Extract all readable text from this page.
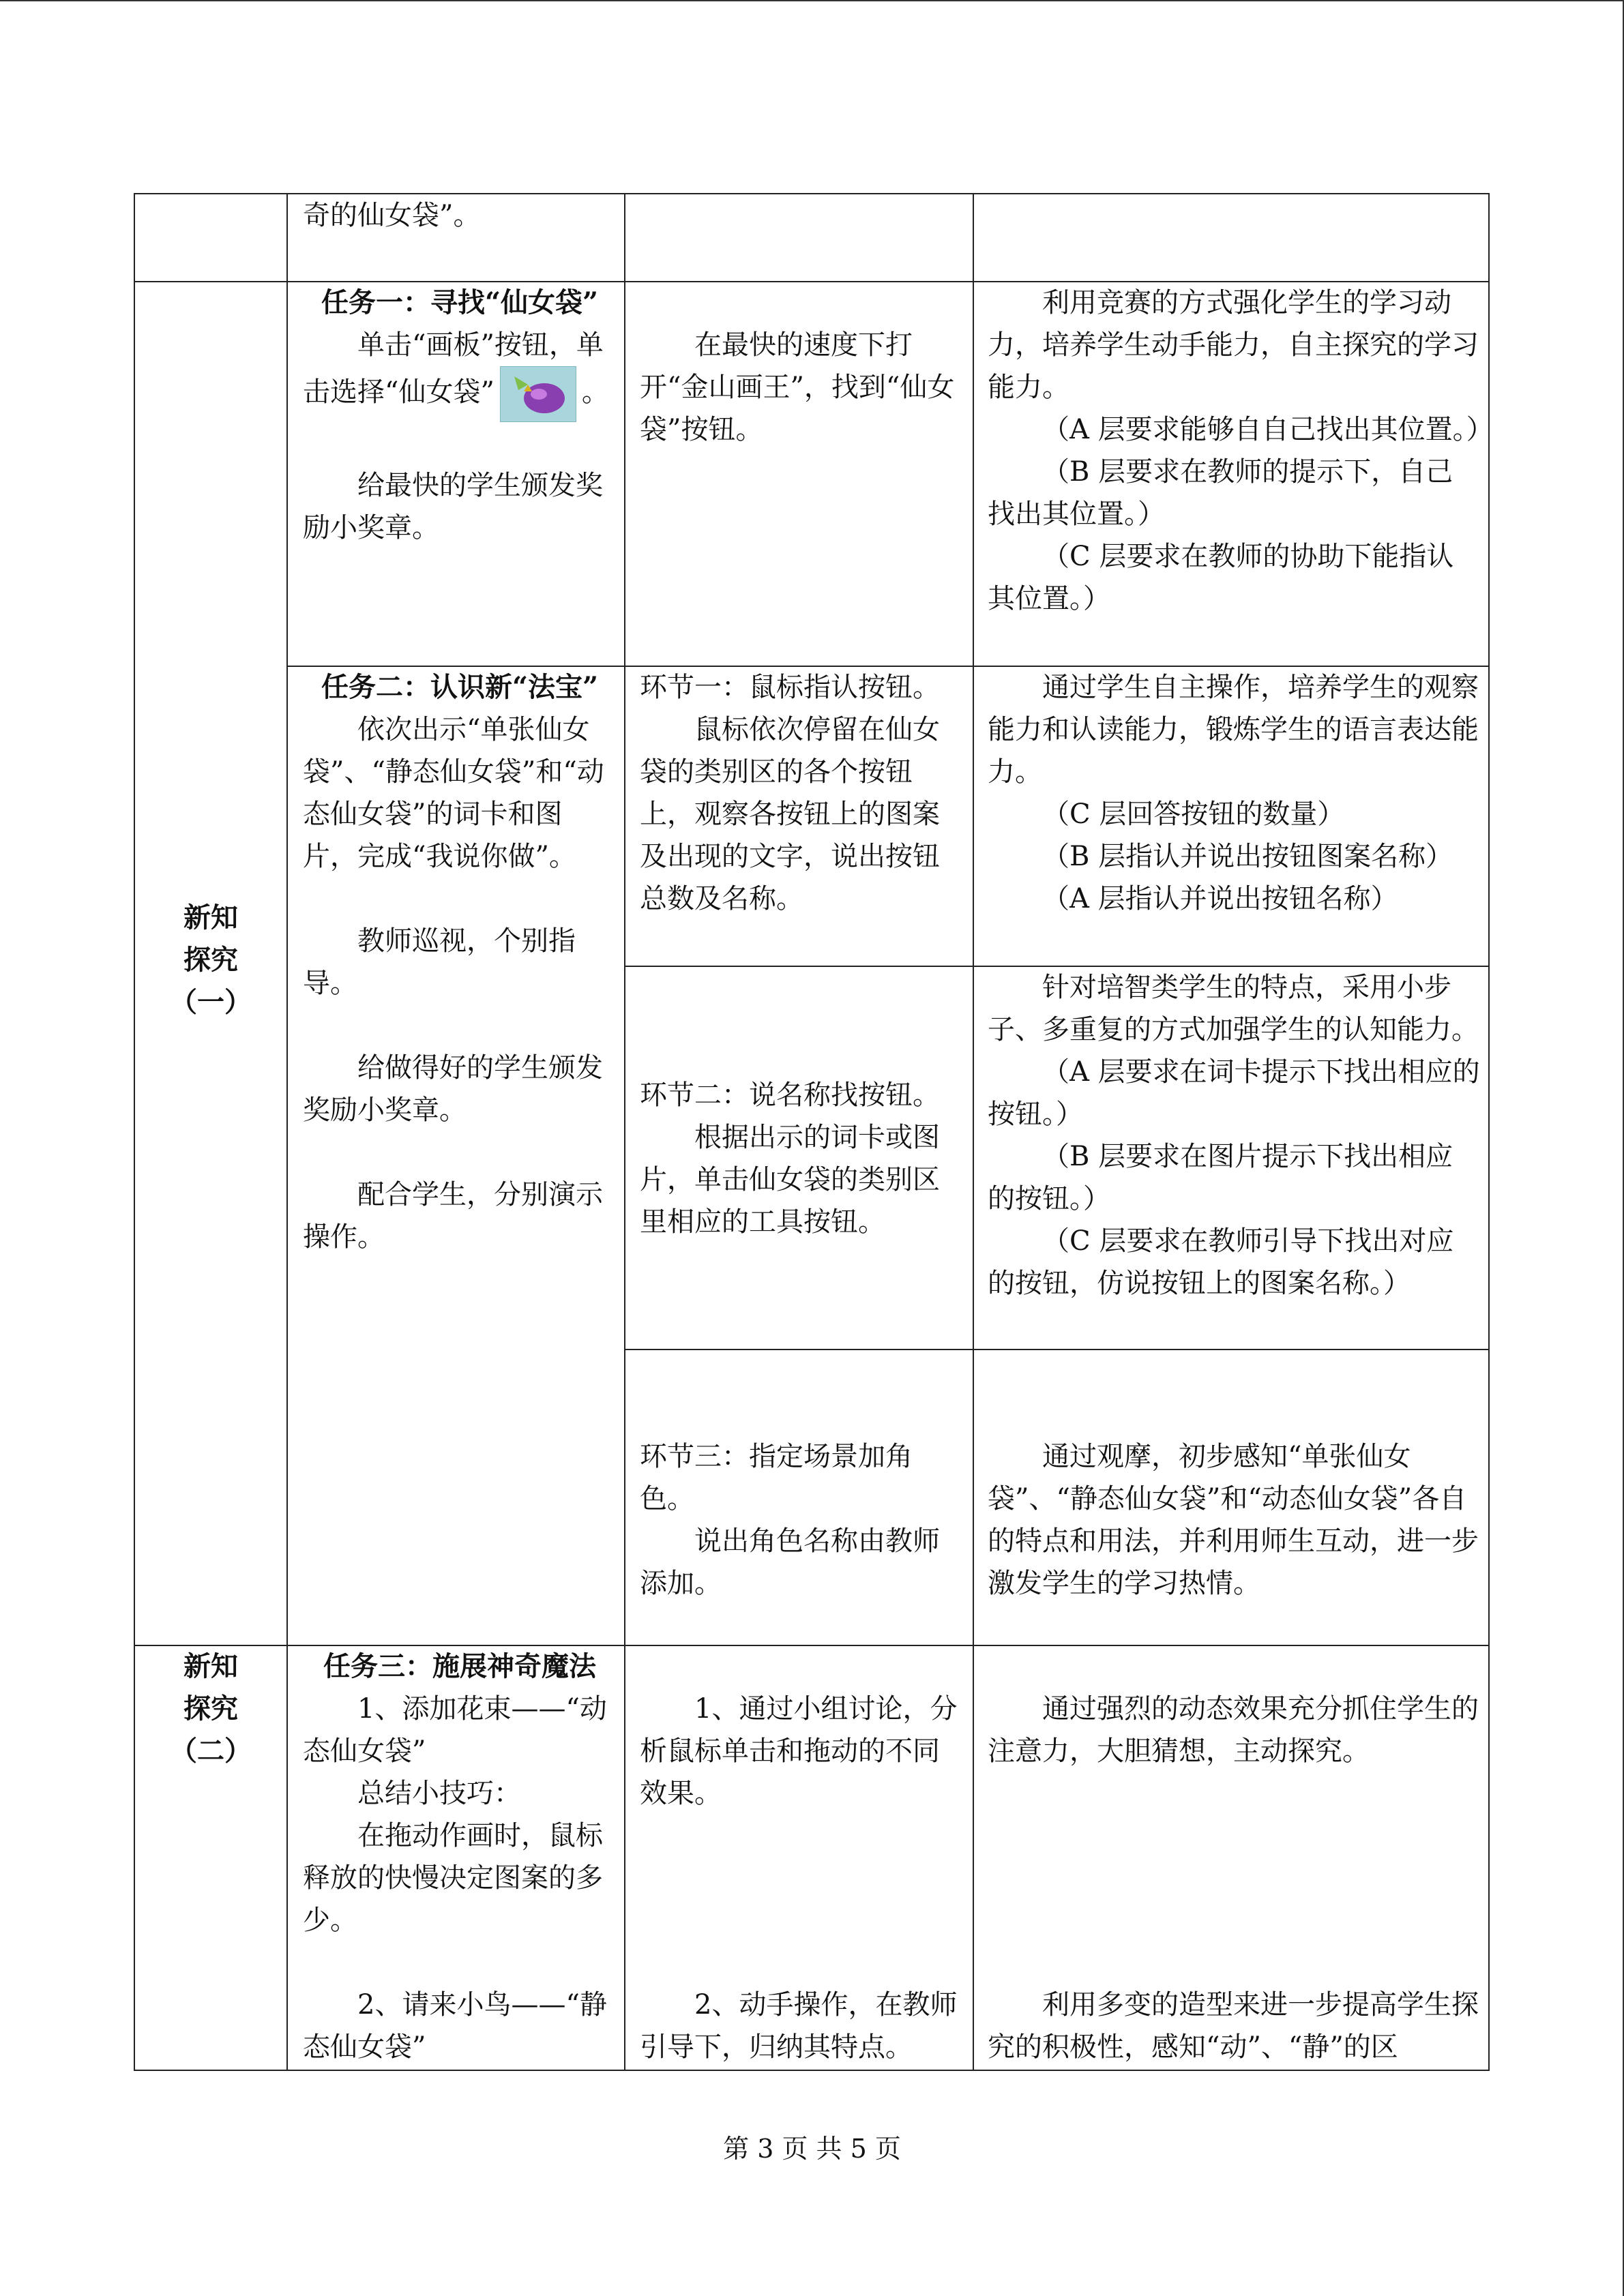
奇的仙女袋”。

新知

探究

（一）

任务一：寻找“仙女袋”

单击“画板”按钮，单击选择“仙女袋”	。

给最快的学生颁发奖励小奖章。

在最快的速度下打开“金山画王”，找到“仙女袋”按钮。

利用竞赛的方式强化学生的学习动力，培养学生动手能力，自主探究的学习能力。

（A 层要求能够自自己找出其位置。）

（B 层要求在教师的提示下，自己找出其位置。）

（C 层要求在教师的协助下能指认其位置。）

任务二：认识新“法宝”

依次出示“单张仙女袋”、“静态仙女袋”和“动态仙女袋”的词卡和图片，完成“我说你做”。

教师巡视，个别指导。

给做得好的学生颁发奖励小奖章。

配合学生，分别演示操作。

环节一：鼠标指认按钮。

鼠标依次停留在仙女袋的类别区的各个按钮上，观察各按钮上的图案及出现的文字，说出按钮总数及名称。

通过学生自主操作，培养学生的观察能力和认读能力，锻炼学生的语言表达能力。

（C 层回答按钮的数量）

（B 层指认并说出按钮图案名称）

（A 层指认并说出按钮名称）

环节二：说名称找按钮。

根据出示的词卡或图片，单击仙女袋的类别区里相应的工具按钮。

针对培智类学生的特点，采用小步子、多重复的方式加强学生的认知能力。

（A 层要求在词卡提示下找出相应的按钮。）

（B 层要求在图片提示下找出相应的按钮。）

（C 层要求在教师引导下找出对应的按钮，仿说按钮上的图案名称。）

环节三：指定场景加角色。

说出角色名称由教师添加。

通过观摩，初步感知“单张仙女袋”、“静态仙女袋”和“动态仙女袋”各自的特点和用法，并利用师生互动，进一步激发学生的学习热情。

新知

探究

（二）

任务三：施展神奇魔法

1、添加花束——“动态仙女袋”

总结小技巧：

在拖动作画时，鼠标释放的快慢决定图案的多少。

2、请来小鸟——“静态仙女袋”

1、通过小组讨论，分析鼠标单击和拖动的不同效果。

2、动手操作，在教师引导下，归纳其特点。

通过强烈的动态效果充分抓住学生的注意力，大胆猜想，主动探究。

利用多变的造型来进一步提高学生探究的积极性，感知“动”、“静”的区

第 3 页 共 5 页
